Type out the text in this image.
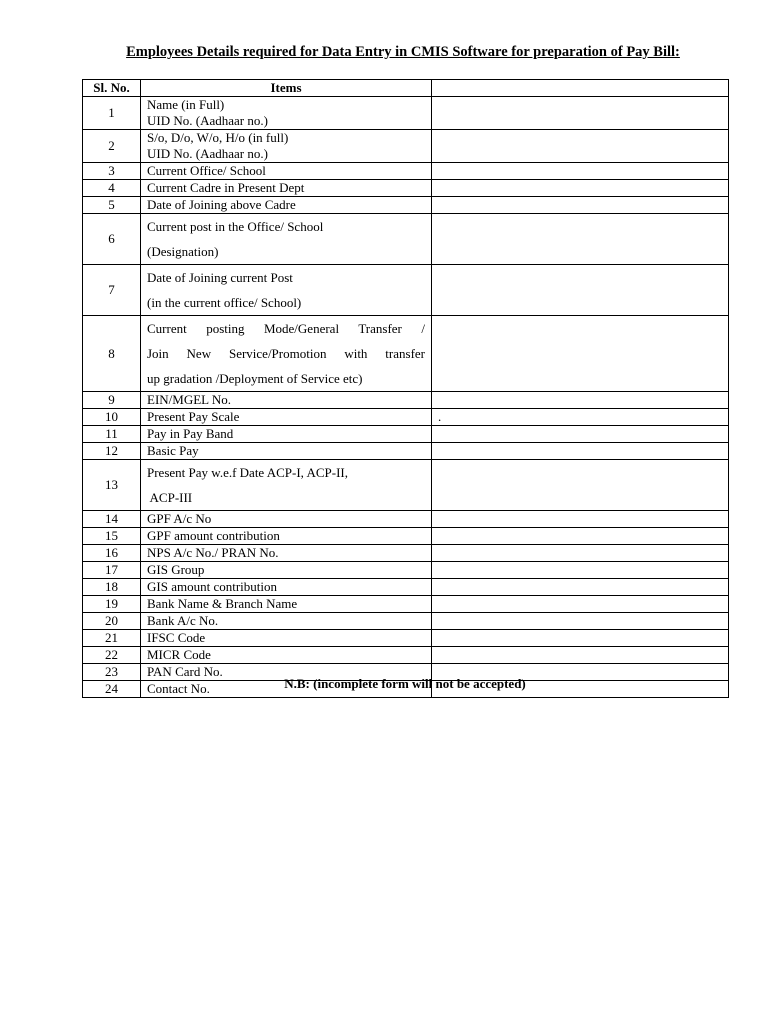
Employees Details required for Data Entry in CMIS Software for preparation of Pay Bill:
Sl. No.	Items	
1	Name (in Full)
UID No. (Aadhaar no.)	

2	S/o, D/o, W/o, H/o (in full)
UID No. (Aadhaar no.)	

3	Current Office/ School	

4	Current Cadre in Present Dept	

5	Date of Joining above Cadre	

6	Current post in the Office/ School
(Designation)	

7	Date of Joining current Post
(in the current office/ School)	

8	Current posting Mode/General Transfer /
Join New Service/Promotion with transfer
up gradation /Deployment of Service etc)	

9	EIN/MGEL No.	

10	Present Pay Scale	.
11	Pay in Pay Band	

12	Basic Pay	

13	Present Pay w.e.f Date ACP-I, ACP-II,
ACP-III	

14	GPF A/c No	

15	GPF amount contribution	

16	NPS A/c No./ PRAN No.	

17	GIS Group	

18	GIS amount contribution	

19	Bank Name & Branch Name	

20	Bank A/c No.	

21	IFSC Code	

22	MICR Code	

23	PAN Card No.	

24	Contact No.	
		N.B: (incomplete form will not be accepted)
